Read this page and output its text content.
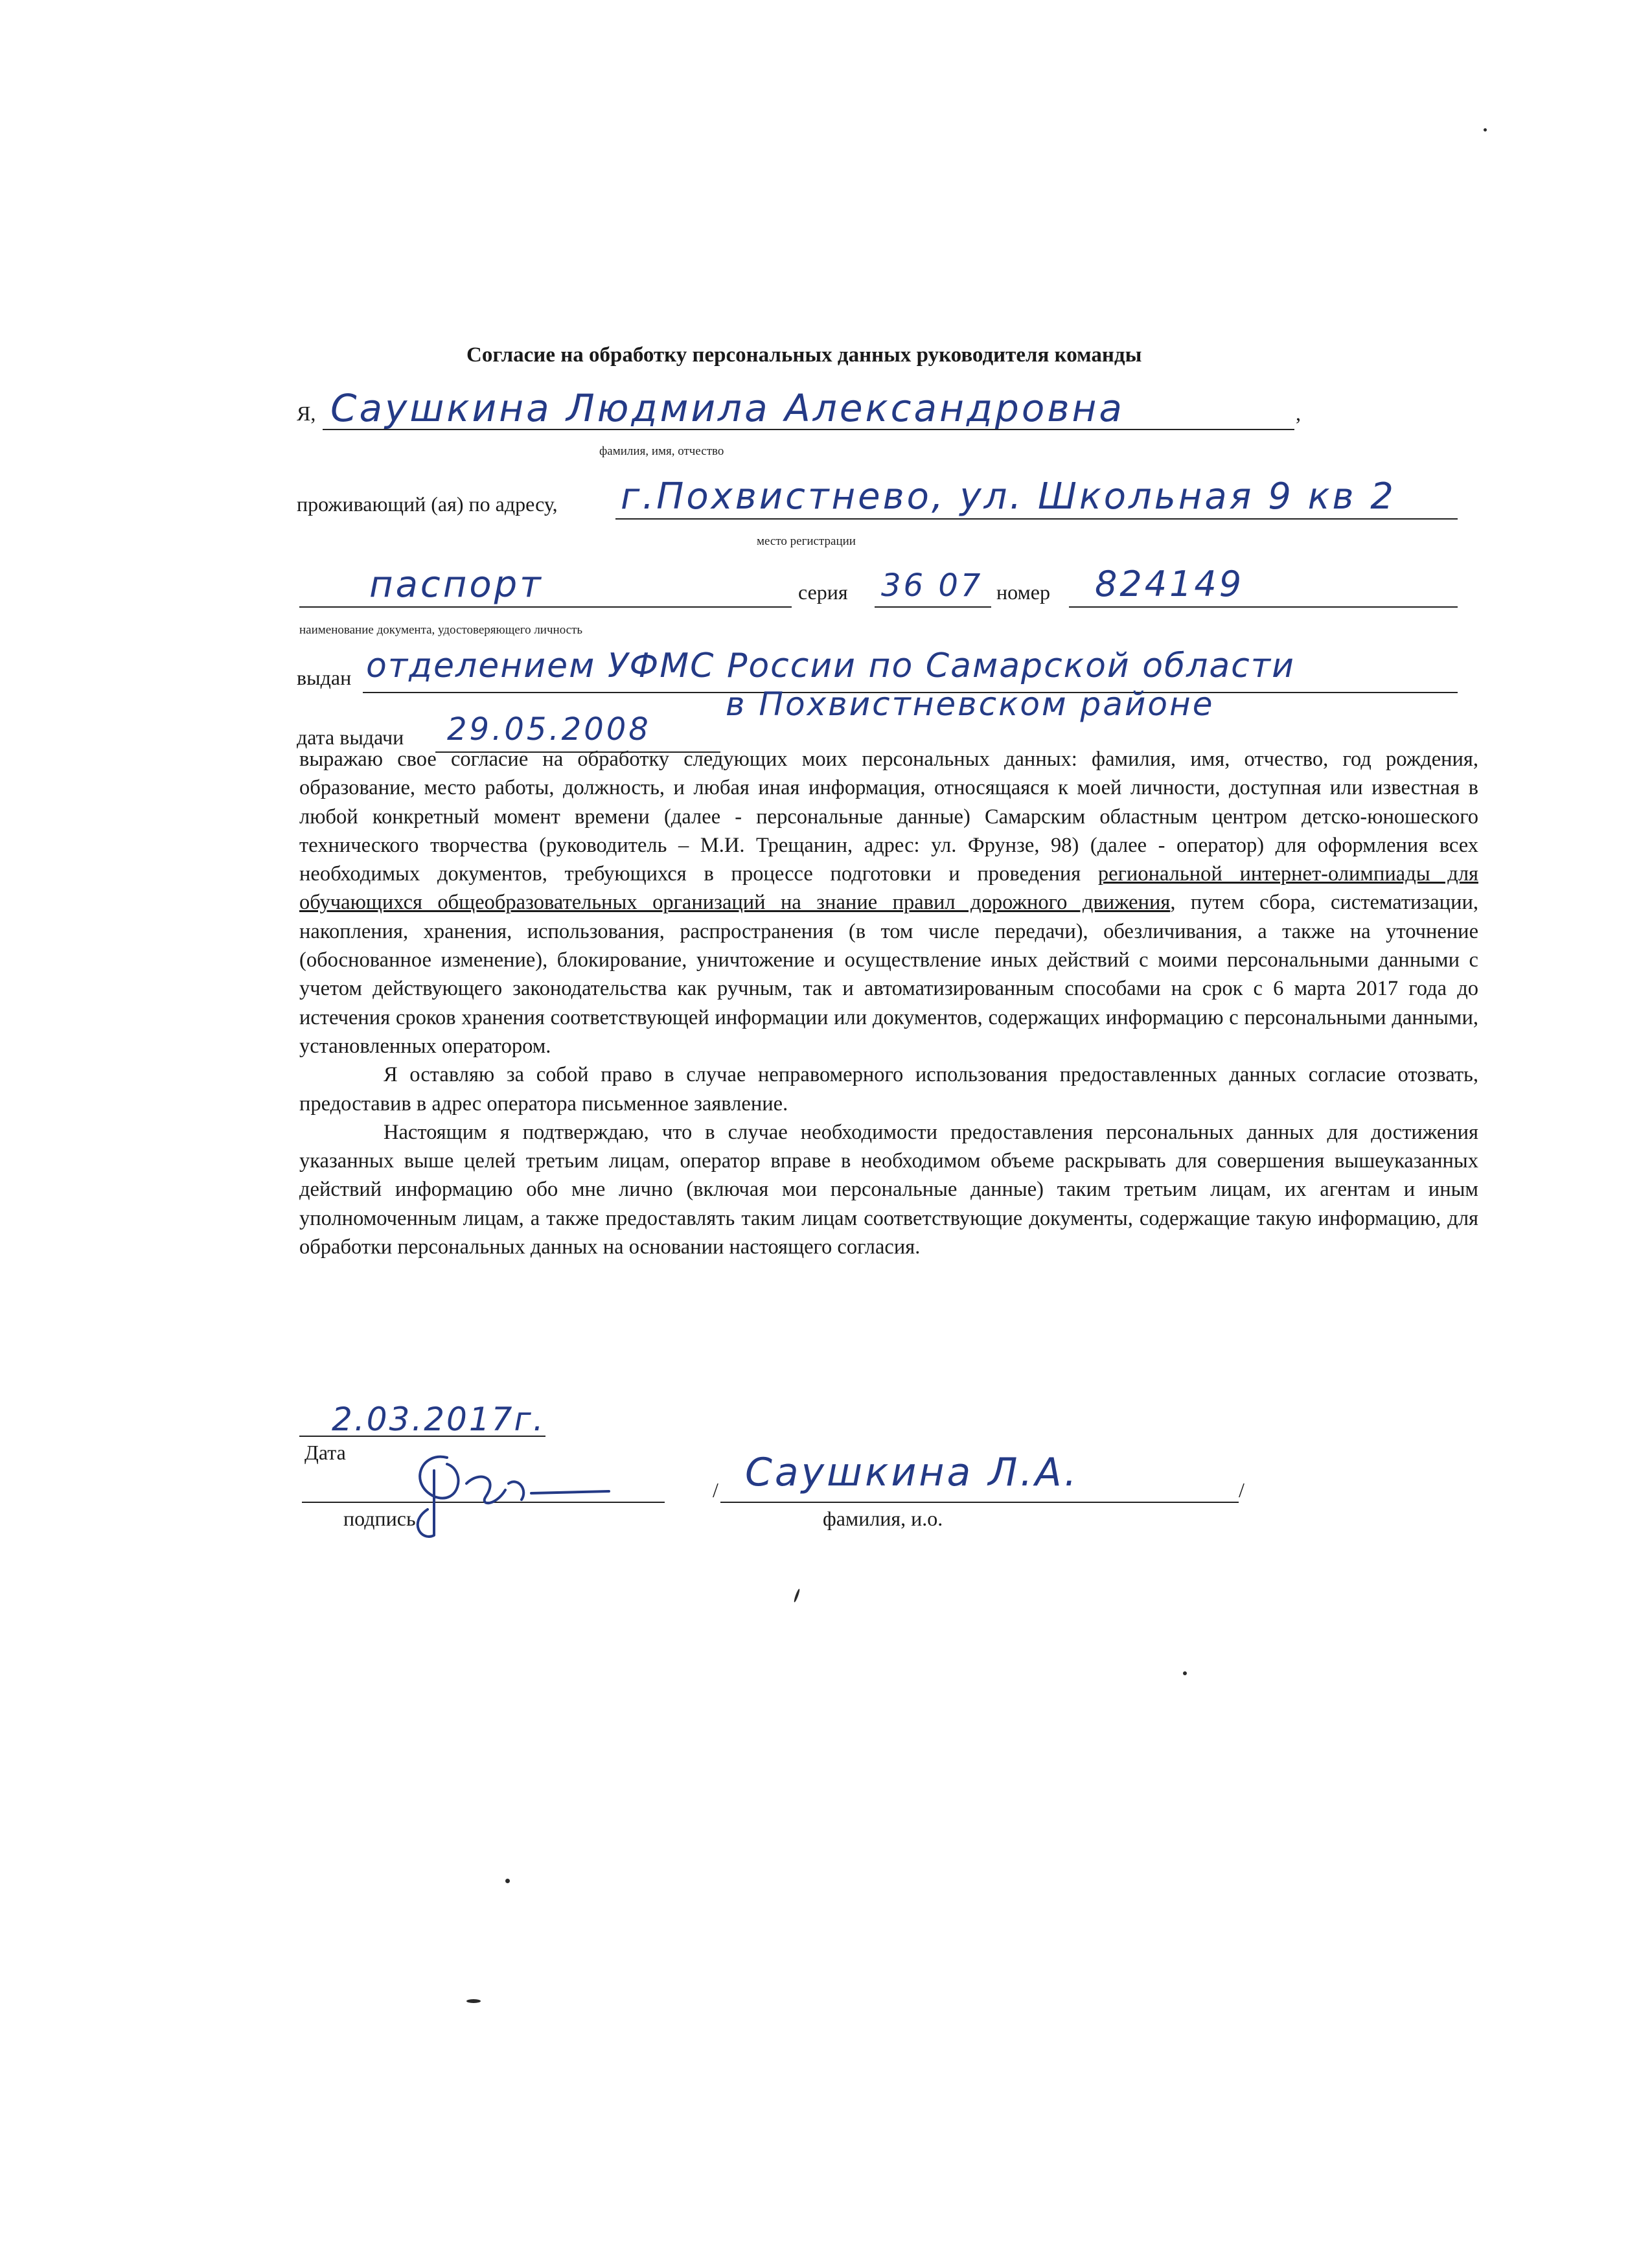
Согласие на обработку персональных данных руководителя команды
Я, Саушкина Людмила Александровна	,
фамилия, имя, отчество
проживающий (ая) по адресу, г.Похвистнево, ул. Школьная 9 кв 2
место регистрации
паспорт	серия 36 07 номер 824149
наименование документа, удостоверяющего личность
выдан отделением УФМС России по Самарской области
в Похвистневском районе
дата выдачи 29.05.2008

выражаю свое согласие на обработку следующих моих персональных данных: фамилия, имя, отчество, год рождения, образование, место работы, должность, и любая иная информация, относящаяся к моей личности, доступная или известная в любой конкретный момент времени (далее - персональные данные) Самарским областным центром детско-юношеского технического творчества (руководитель – М.И. Трещанин, адрес: ул. Фрунзе, 98) (далее - оператор) для оформления всех необходимых документов, требующихся в процессе подготовки и проведения региональной интернет-олимпиады для обучающихся общеобразовательных организаций на знание правил дорожного движения, путем сбора, систематизации, накопления, хранения, использования, распространения (в том числе передачи), обезличивания, а также на уточнение (обоснованное изменение), блокирование, уничтожение и осуществление иных действий с моими персональными данными с учетом действующего законодательства как ручным, так и автоматизированным способами на срок с 6 марта 2017 года до истечения сроков хранения соответствующей информации или документов, содержащих информацию с персональными данными, установленных оператором.

Я оставляю за собой право в случае неправомерного использования предоставленных данных согласие отозвать, предоставив в адрес оператора письменное заявление.

Настоящим я подтверждаю, что в случае необходимости предоставления персональных данных для достижения указанных выше целей третьим лицам, оператор вправе в необходимом объеме раскрывать для совершения вышеуказанных действий информацию обо мне лично (включая мои персональные данные) таким третьим лицам, их агентам и иным уполномоченным лицам, а также предоставлять таким лицам соответствующие документы, содержащие такую информацию, для обработки персональных данных на основании настоящего согласия.

2.03.2017г.
Дата
подпись
/ Саушкина Л.А.	/
фамилия, и.о.
